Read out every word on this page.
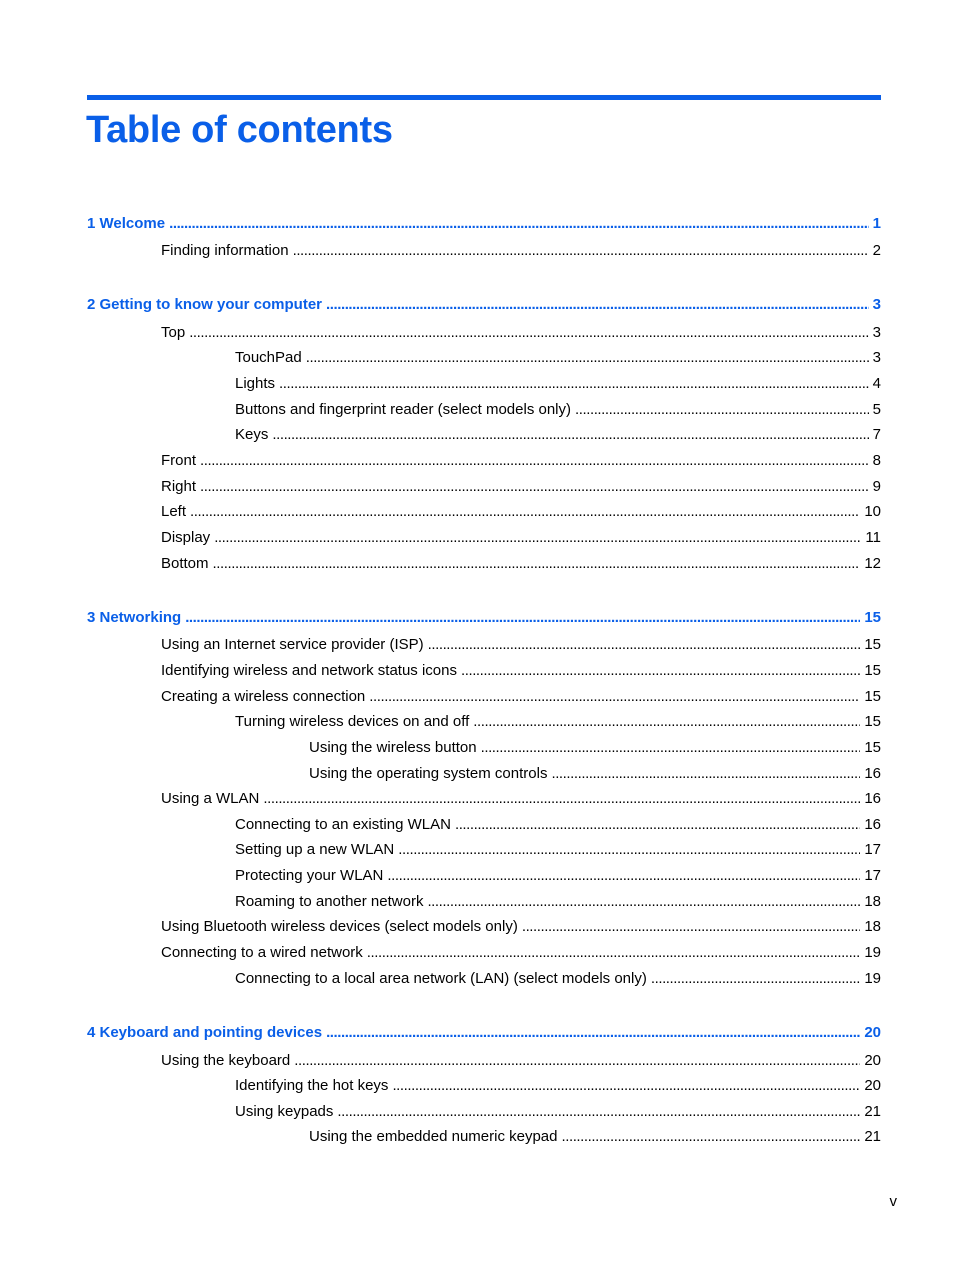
Table of contents
1 Welcome . . .	1
Finding information . . .	2
2 Getting to know your computer . . .	3
Top . . .	3
TouchPad . . .	3
Lights . . .	4
Buttons and fingerprint reader (select models only) . . .	5
Keys . . .	7
Front . . .	8
Right . . .	9
Left . . .	10
Display . . .	11
Bottom . . .	12
3 Networking . . .	15
Using an Internet service provider (ISP) . . .	15
Identifying wireless and network status icons . . .	15
Creating a wireless connection . . .	15
Turning wireless devices on and off . . .	15
Using the wireless button . . .	15
Using the operating system controls . . .	16
Using a WLAN . . .	16
Connecting to an existing WLAN . . .	16
Setting up a new WLAN . . .	17
Protecting your WLAN . . .	17
Roaming to another network . . .	18
Using Bluetooth wireless devices (select models only) . . .	18
Connecting to a wired network . . .	19
Connecting to a local area network (LAN) (select models only) . . .	19
4 Keyboard and pointing devices . . .	20
Using the keyboard . . .	20
Identifying the hot keys . . .	20
Using keypads . . .	21
Using the embedded numeric keypad . . .	21
v
